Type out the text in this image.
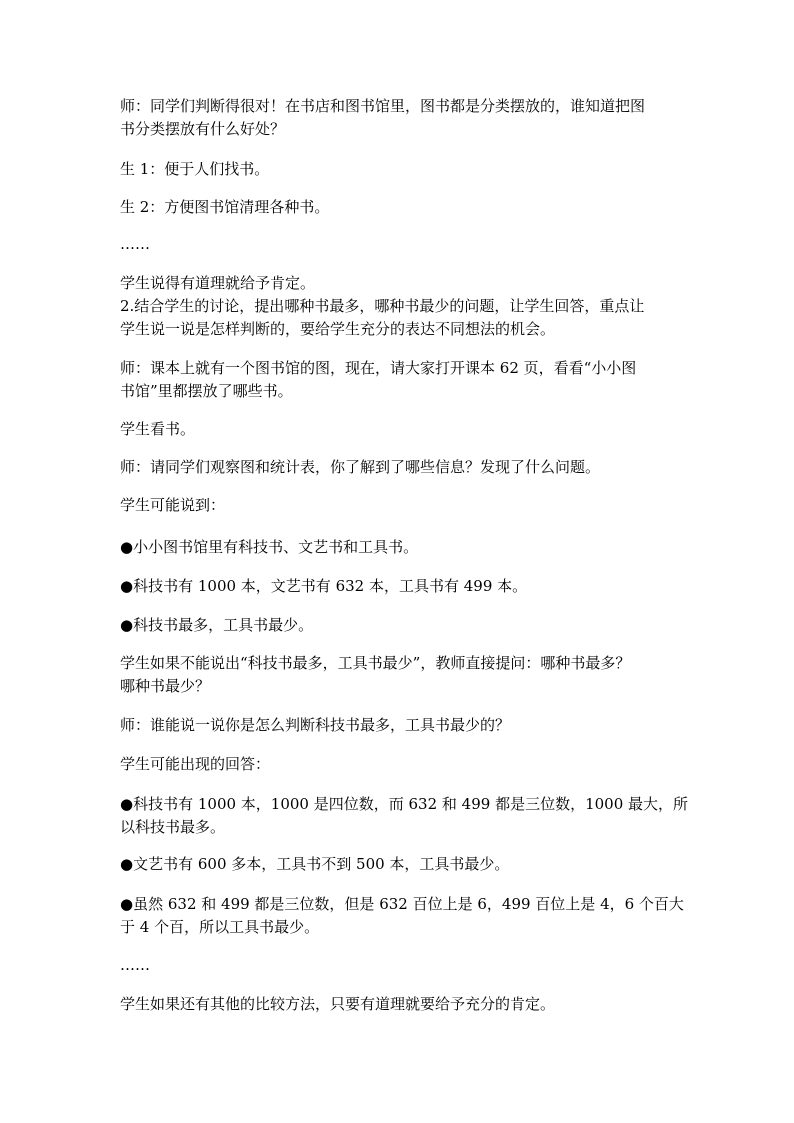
师：同学们判断得很对！在书店和图书馆里，图书都是分类摆放的，谁知道把图
书分类摆放有什么好处？
生 1：便于人们找书。
生 2：方便图书馆清理各种书。
……
学生说得有道理就给予肯定。
2.结合学生的讨论，提出哪种书最多，哪种书最少的问题，让学生回答，重点让
学生说一说是怎样判断的，要给学生充分的表达不同想法的机会。
师：课本上就有一个图书馆的图，现在，请大家打开课本 62 页，看看“小小图
书馆”里都摆放了哪些书。
学生看书。
师：请同学们观察图和统计表，你了解到了哪些信息？发现了什么问题。
学生可能说到：
●小小图书馆里有科技书、文艺书和工具书。
●科技书有 1000 本，文艺书有 632 本，工具书有 499 本。
●科技书最多，工具书最少。
学生如果不能说出“科技书最多，工具书最少”，教师直接提问：哪种书最多？
哪种书最少？
师：谁能说一说你是怎么判断科技书最多，工具书最少的？
学生可能出现的回答：
●科技书有 1000 本，1000 是四位数，而 632 和 499 都是三位数，1000 最大，所
以科技书最多。
●文艺书有 600 多本，工具书不到 500 本，工具书最少。
●虽然 632 和 499 都是三位数，但是 632 百位上是 6，499 百位上是 4，6 个百大
于 4 个百，所以工具书最少。
……
学生如果还有其他的比较方法，只要有道理就要给予充分的肯定。
